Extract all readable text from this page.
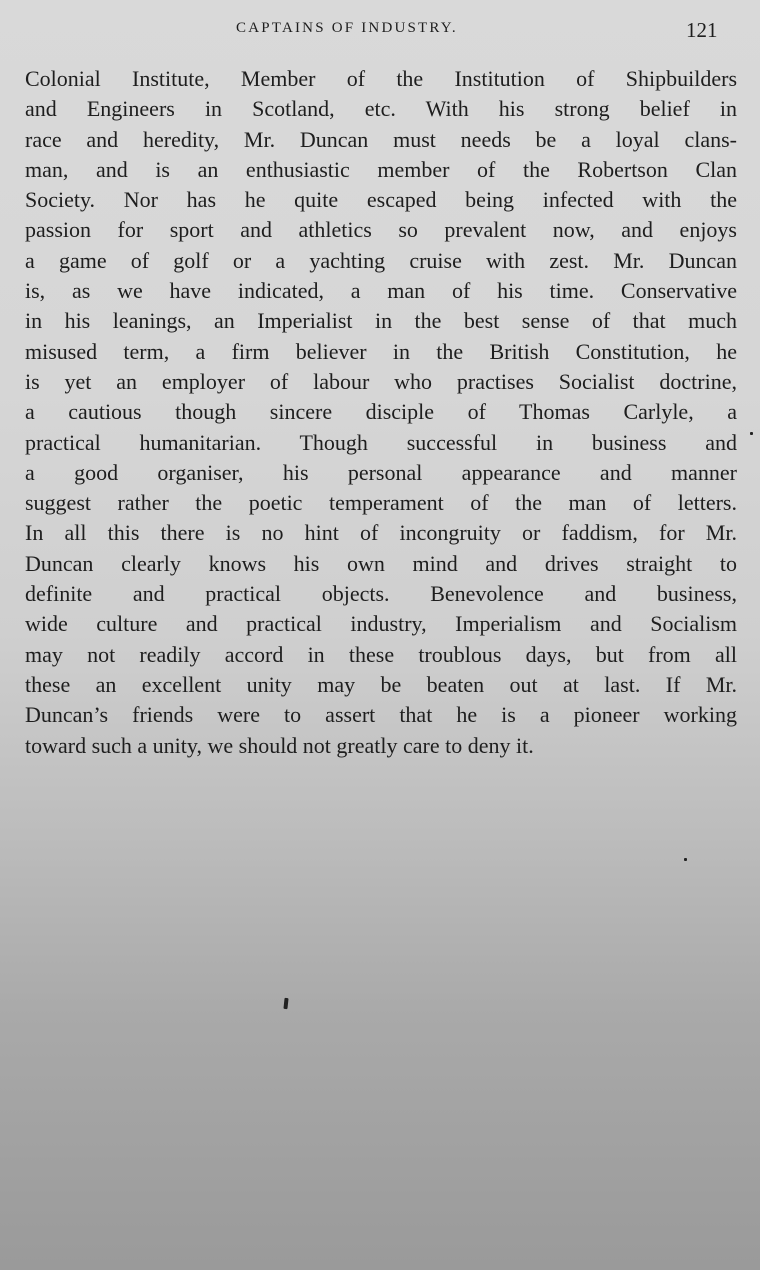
CAPTAINS OF INDUSTRY.	121
Colonial Institute, Member of the Institution of Shipbuilders
and Engineers in Scotland, etc. With his strong belief in
race and heredity, Mr. Duncan must needs be a loyal clans-
man, and is an enthusiastic member of the Robertson Clan
Society. Nor has he quite escaped being infected with the
passion for sport and athletics so prevalent now, and enjoys
a game of golf or a yachting cruise with zest. Mr. Duncan
is, as we have indicated, a man of his time. Conservative
in his leanings, an Imperialist in the best sense of that much
misused term, a firm believer in the British Constitution, he
is yet an employer of labour who practises Socialist doctrine,
a cautious though sincere disciple of Thomas Carlyle, a
practical humanitarian. Though successful in business and
a good organiser, his personal appearance and manner
suggest rather the poetic temperament of the man of letters.
In all this there is no hint of incongruity or faddism, for Mr.
Duncan clearly knows his own mind and drives straight to
definite and practical objects. Benevolence and business,
wide culture and practical industry, Imperialism and Socialism
may not readily accord in these troublous days, but from all
these an excellent unity may be beaten out at last. If Mr.
Duncan’s friends were to assert that he is a pioneer working
toward such a unity, we should not greatly care to deny it.
